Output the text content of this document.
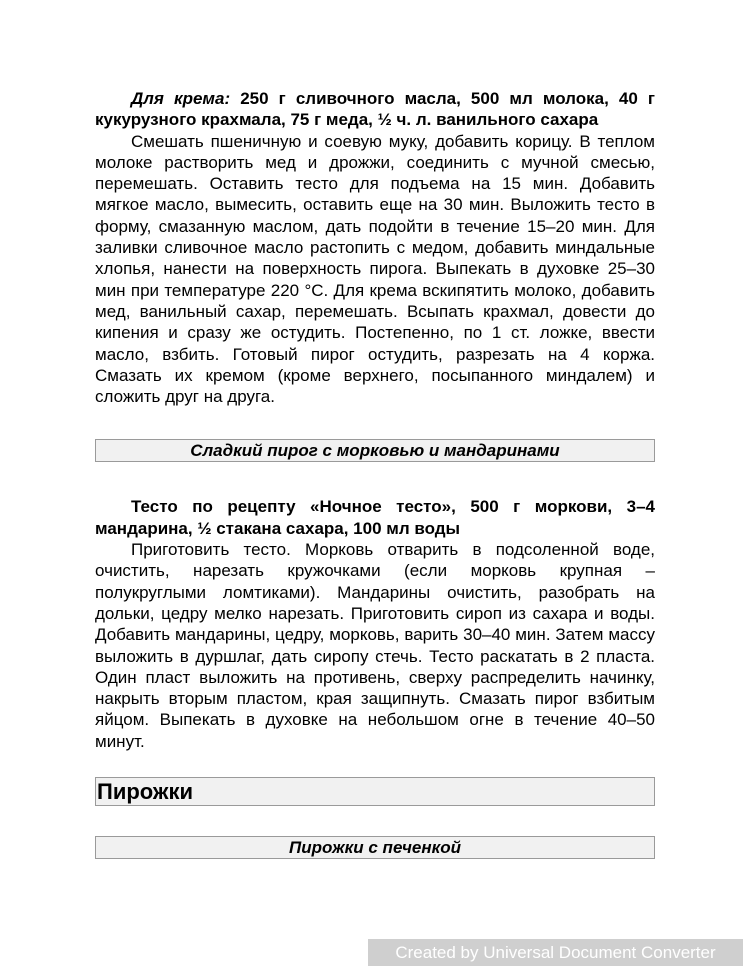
Для крема: 250 г сливочного масла, 500 мл молока, 40 г кукурузного крахмала, 75 г меда, ½ ч. л. ванильного сахара

Смешать пшеничную и соевую муку, добавить корицу. В теплом молоке растворить мед и дрожжи, соединить с мучной смесью, перемешать. Оставить тесто для подъема на 15 мин. Добавить мягкое масло, вымесить, оставить еще на 30 мин. Выложить тесто в форму, смазанную маслом, дать подойти в течение 15–20 мин. Для заливки сливочное масло растопить с медом, добавить миндальные хлопья, нанести на поверхность пирога. Выпекать в духовке 25–30 мин при температуре 220 °С. Для крема вскипятить молоко, добавить мед, ванильный сахар, перемешать. Всыпать крахмал, довести до кипения и сразу же остудить. Постепенно, по 1 ст. ложке, ввести масло, взбить. Готовый пирог остудить, разрезать на 4 коржа. Смазать их кремом (кроме верхнего, посыпанного миндалем) и сложить друг на друга.

Сладкий пирог с морковью и мандаринами

Тесто по рецепту «Ночное тесто», 500 г моркови, 3–4 мандарина, ½ стакана сахара, 100 мл воды

Приготовить тесто. Морковь отварить в подсоленной воде, очистить, нарезать кружочками (если морковь крупная – полукруглыми ломтиками). Мандарины очистить, разобрать на дольки, цедру мелко нарезать. Приготовить сироп из сахара и воды. Добавить мандарины, цедру, морковь, варить 30–40 мин. Затем массу выложить в дуршлаг, дать сиропу стечь. Тесто раскатать в 2 пласта. Один пласт выложить на противень, сверху распределить начинку, накрыть вторым пластом, края защипнуть. Смазать пирог взбитым яйцом. Выпекать в духовке на небольшом огне в течение 40–50 минут.

Пирожки
Пирожки с печенкой
Created by Universal Document Converter
